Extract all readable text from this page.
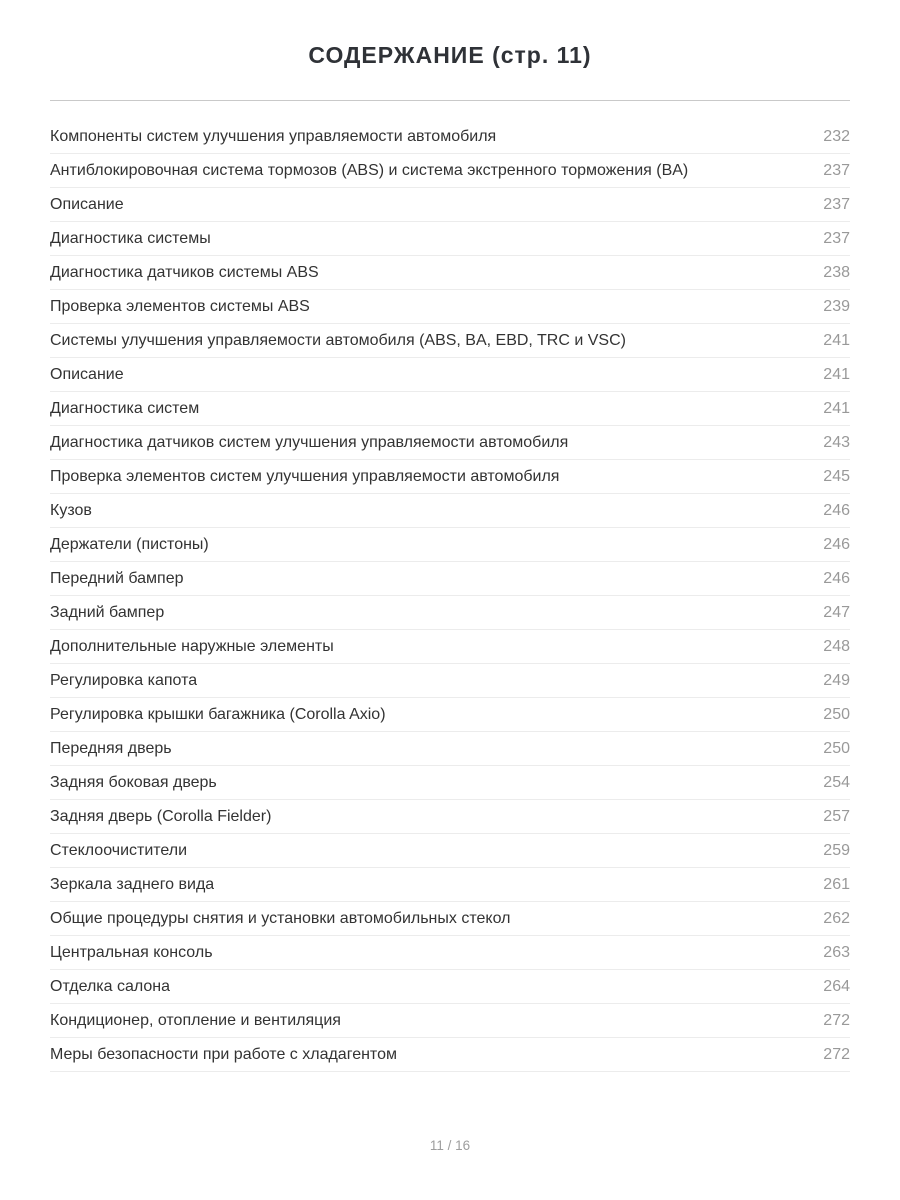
СОДЕРЖАНИЕ (стр. 11)
Компоненты систем улучшения управляемости автомобиля	232
Антиблокировочная система тормозов (ABS) и система экстренного торможения (BA)	237
Описание	237
Диагностика системы	237
Диагностика датчиков системы ABS	238
Проверка элементов системы ABS	239
Системы улучшения управляемости автомобиля (ABS, BA, EBD, TRC и VSC)	241
Описание	241
Диагностика систем	241
Диагностика датчиков систем улучшения управляемости автомобиля	243
Проверка элементов систем улучшения управляемости автомобиля	245
Кузов	246
Держатели (пистоны)	246
Передний бампер	246
Задний бампер	247
Дополнительные наружные элементы	248
Регулировка капота	249
Регулировка крышки багажника (Corolla Axio)	250
Передняя дверь	250
Задняя боковая дверь	254
Задняя дверь (Corolla Fielder)	257
Стеклоочистители	259
Зеркала заднего вида	261
Общие процедуры снятия и установки автомобильных стекол	262
Центральная консоль	263
Отделка салона	264
Кондиционер, отопление и вентиляция	272
Меры безопасности при работе с хладагентом	272
11 / 16
